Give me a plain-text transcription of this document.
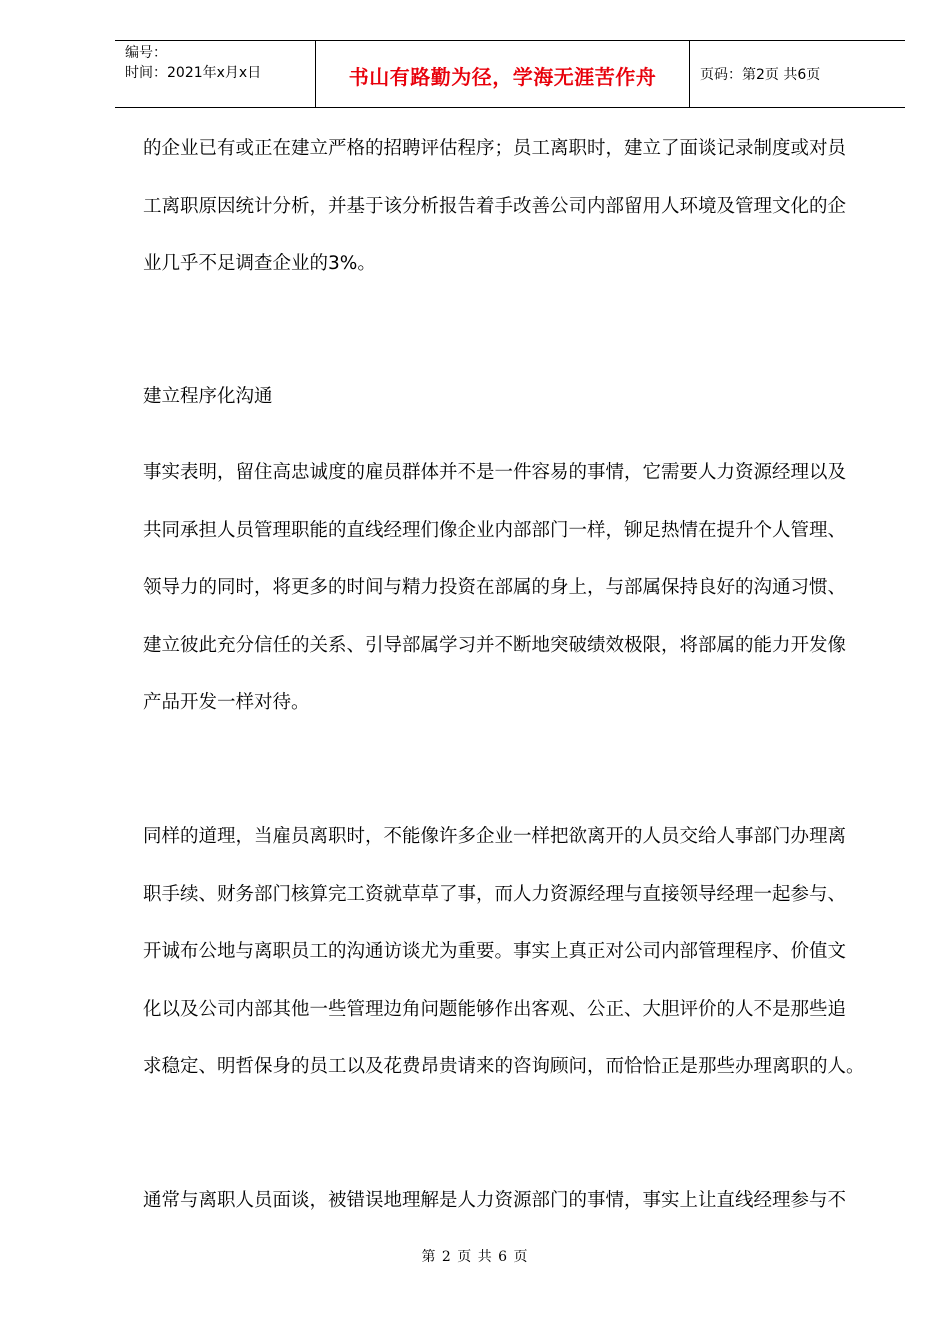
编号：
时间：2021年x月x日	书山有路勤为径，学海无涯苦作舟	页码：第2页 共6页
的企业已有或正在建立严格的招聘评估程序；员工离职时，建立了面谈记录制度或对员
工离职原因统计分析，并基于该分析报告着手改善公司内部留用人环境及管理文化的企
业几乎不足调查企业的3%。
建立程序化沟通
事实表明，留住高忠诚度的雇员群体并不是一件容易的事情，它需要人力资源经理以及
共同承担人员管理职能的直线经理们像企业内部部门一样，铆足热情在提升个人管理、
领导力的同时，将更多的时间与精力投资在部属的身上，与部属保持良好的沟通习惯、
建立彼此充分信任的关系、引导部属学习并不断地突破绩效极限，将部属的能力开发像
产品开发一样对待。
同样的道理，当雇员离职时，不能像许多企业一样把欲离开的人员交给人事部门办理离
职手续、财务部门核算完工资就草草了事，而人力资源经理与直接领导经理一起参与、
开诚布公地与离职员工的沟通访谈尤为重要。事实上真正对公司内部管理程序、价值文
化以及公司内部其他一些管理边角问题能够作出客观、公正、大胆评价的人不是那些追
求稳定、明哲保身的员工以及花费昂贵请来的咨询顾问，而恰恰正是那些办理离职的人。
通常与离职人员面谈，被错误地理解是人力资源部门的事情，事实上让直线经理参与不
第 2 页 共 6 页
